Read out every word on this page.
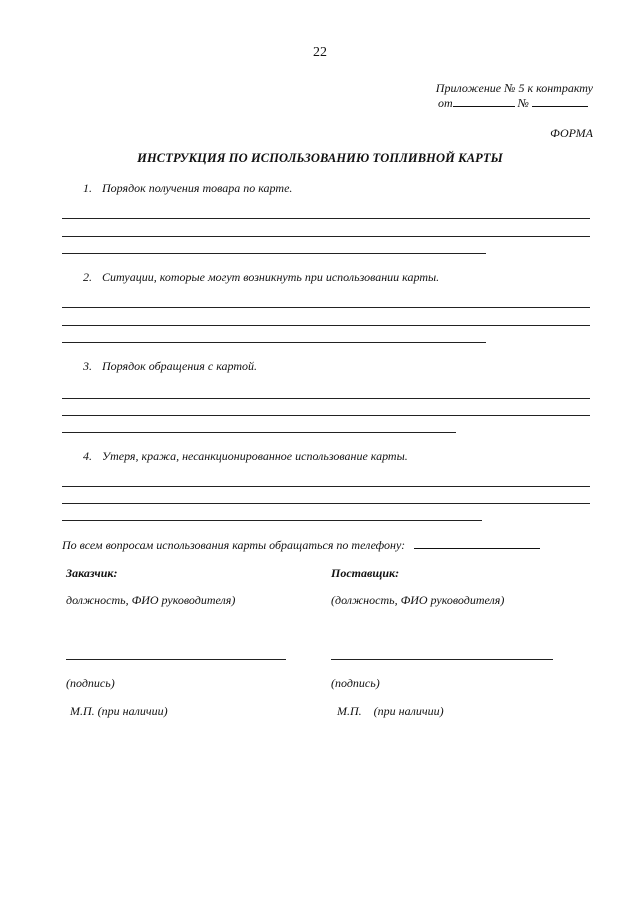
22
Приложение № 5 к контракту
от	№
ФОРМА
ИНСТРУКЦИЯ ПО ИСПОЛЬЗОВАНИЮ ТОПЛИВНОЙ КАРТЫ
1. Порядок получения товара по карте.
2. Ситуации, которые могут возникнуть при использовании карты.
3. Порядок обращения с картой.
4. Утеря, кража, несанкционированное использование карты.
По всем вопросам использования карты обращаться по телефону:
Заказчик:
должность, ФИО руководителя)
(подпись)
М.П. (при наличии)
Поставщик:
(должность, ФИО руководителя)
(подпись)
М.П.    (при наличии)
